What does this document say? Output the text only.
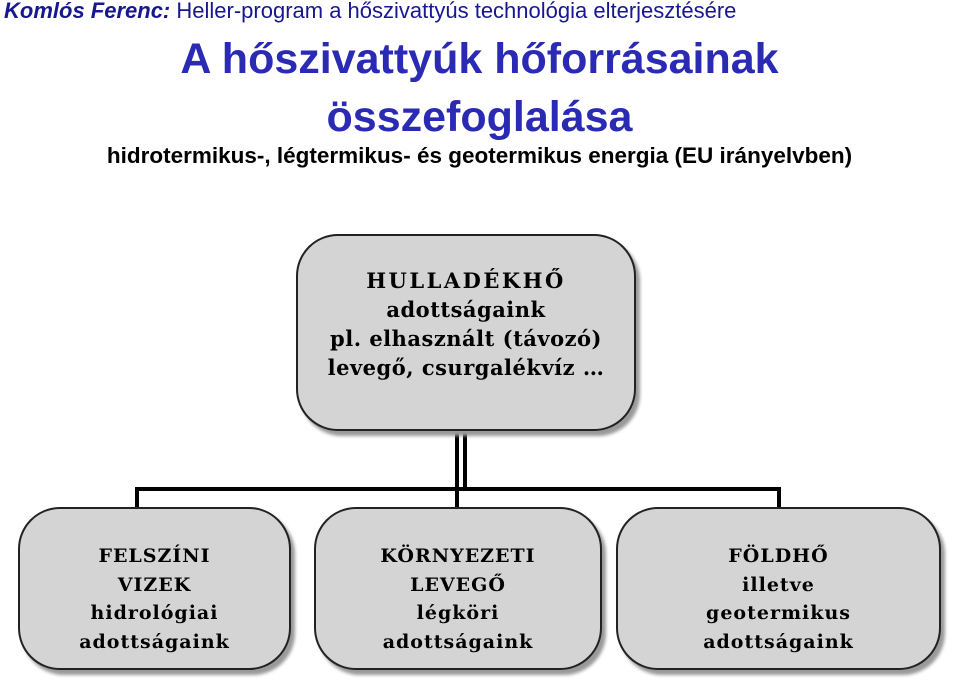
Komlós Ferenc: Heller-program a hőszivattyús technológia elterjesztésére
A hőszivattyúk hőforrásainak
összefoglalása
hidrotermikus-, légtermikus- és geotermikus energia (EU irányelvben)
HULLADÉKHŐ
adottságaink
pl. elhasznált (távozó)
levegő, csurgalékvíz …
FELSZÍNI
VIZEK
hidrológiai
adottságaink
KÖRNYEZETI
LEVEGŐ
légköri
adottságaink
FÖLDHŐ
illetve
geotermikus
adottságaink
